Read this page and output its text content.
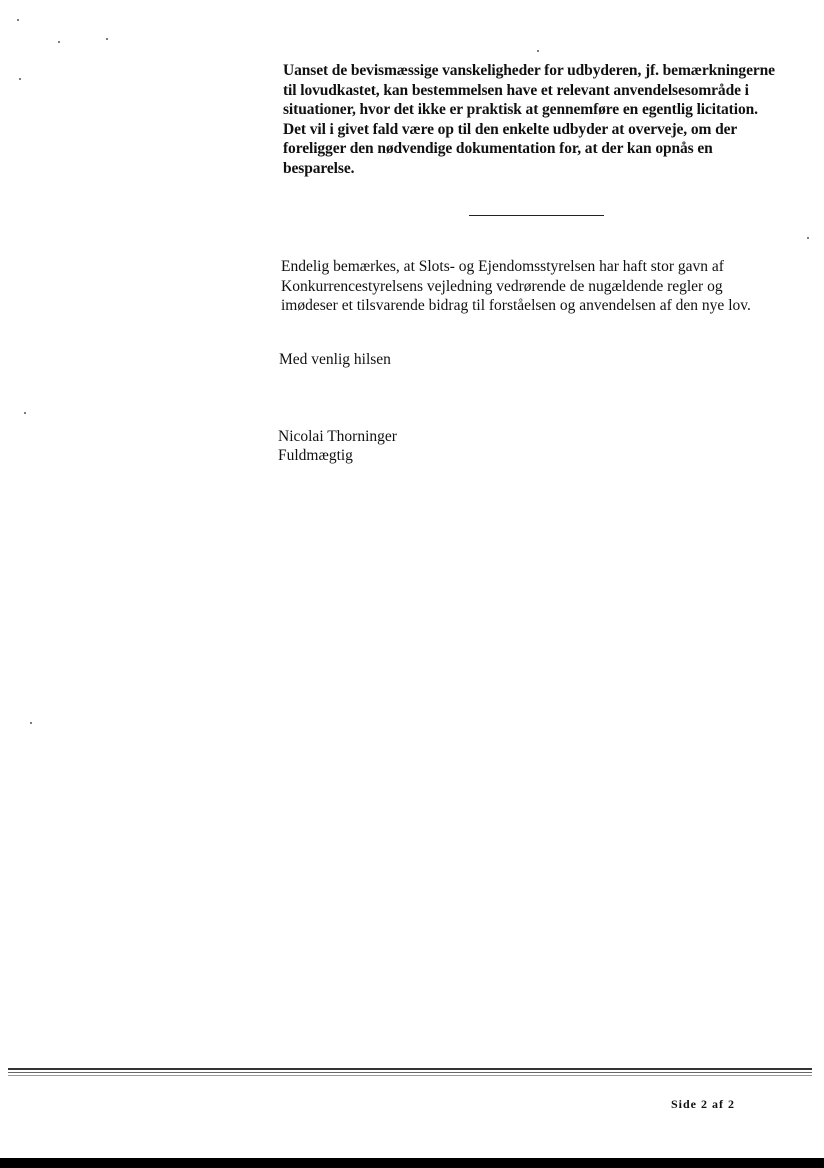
Uanset de bevismæssige vanskeligheder for udbyderen, jf. bemærkningerne
til lovudkastet, kan bestemmelsen have et relevant anvendelsesområde i
situationer, hvor det ikke er praktisk at gennemføre en egentlig licitation.
Det vil i givet fald være op til den enkelte udbyder at overveje, om der
foreligger den nødvendige dokumentation for, at der kan opnås en
besparelse.

Endelig bemærkes, at Slots- og Ejendomsstyrelsen har haft stor gavn af
Konkurrencestyrelsens vejledning vedrørende de nugældende regler og
imødeser et tilsvarende bidrag til forståelsen og anvendelsen af den nye lov.

Med venlig hilsen
Nicolai Thorninger
Fuldmægtig
Side 2 af 2
